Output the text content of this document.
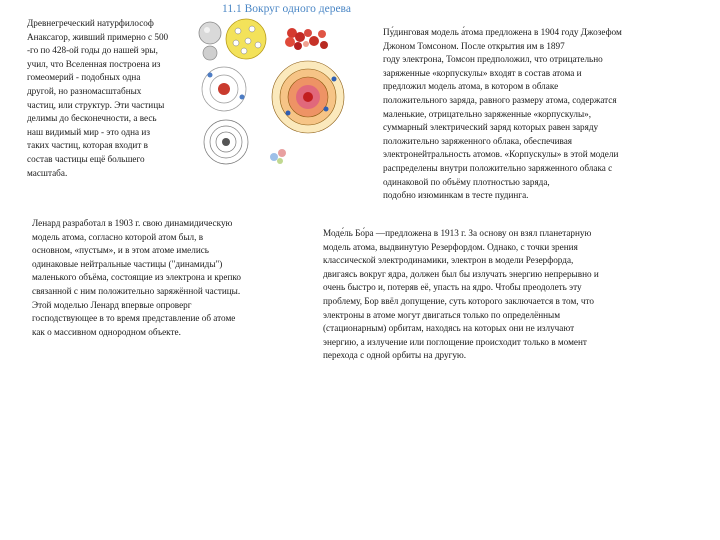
11.1 Вокруг одного дерева
Древнегреческий натурфилософ
Анаксагор, живший примерно с 500
-го по 428-ой годы до нашей эры,
учил, что Вселенная построена из
гомеомерий - подобных одна
другой, но разномасштабных
частиц, или структур. Эти частицы
делимы до бесконечности, а весь
наш видимый мир - это одна из
таких частиц, которая входит в
состав частицы ещё большего
масштаба.
Пу́динговая модель а́тома предложена в 1904 году Джозефом
Джоном Томсоном. После открытия им в 1897
году электрона, Томсон предположил, что отрицательно
заряженные «корпускулы» входят в состав атома и
предложил модель атома, в котором в облаке
положительного заряда, равного размеру атома, содержатся
маленькие, отрицательно заряженные «корпускулы»,
суммарный электрический заряд которых равен заряду
положительно заряженного облака, обеспечивая
электронейтральность атомов. «Корпускулы» в этой модели
распределены внутри положительно заряженного облака с
одинаковой по объёму плотностью заряда,
подобно изюминкам в тесте пудинга.
Ленард разработал в 1903 г. свою динамидическую
модель атома, согласно которой атом был, в
основном, «пустым», и в этом атоме имелись
одинаковые нейтральные частицы ("динамиды")
маленького объёма, состоящие из электрона и крепко
связанной с ним положительно заряжённой частицы.
Этой моделью Ленард впервые опроверг
господствующее в то время представление об атоме
как о массивном однородном объекте.
Моде́ль Бо́ра —предложена в 1913 г. За основу он взял планетарную
модель атома, выдвинутую Резерфордом. Однако, с точки зрения
классической электродинамики, электрон в модели Резерфорда,
двигаясь вокруг ядра, должен был бы излучать энергию непрерывно и
очень быстро и, потеряв её, упасть на ядро. Чтобы преодолеть эту
проблему, Бор ввёл допущение, суть которого заключается в том, что
электроны в атоме могут двигаться только по определённым
(стационарным) орбитам, находясь на которых они не излучают
энергию, а излучение или поглощение происходит только в момент
перехода с одной орбиты на другую.
